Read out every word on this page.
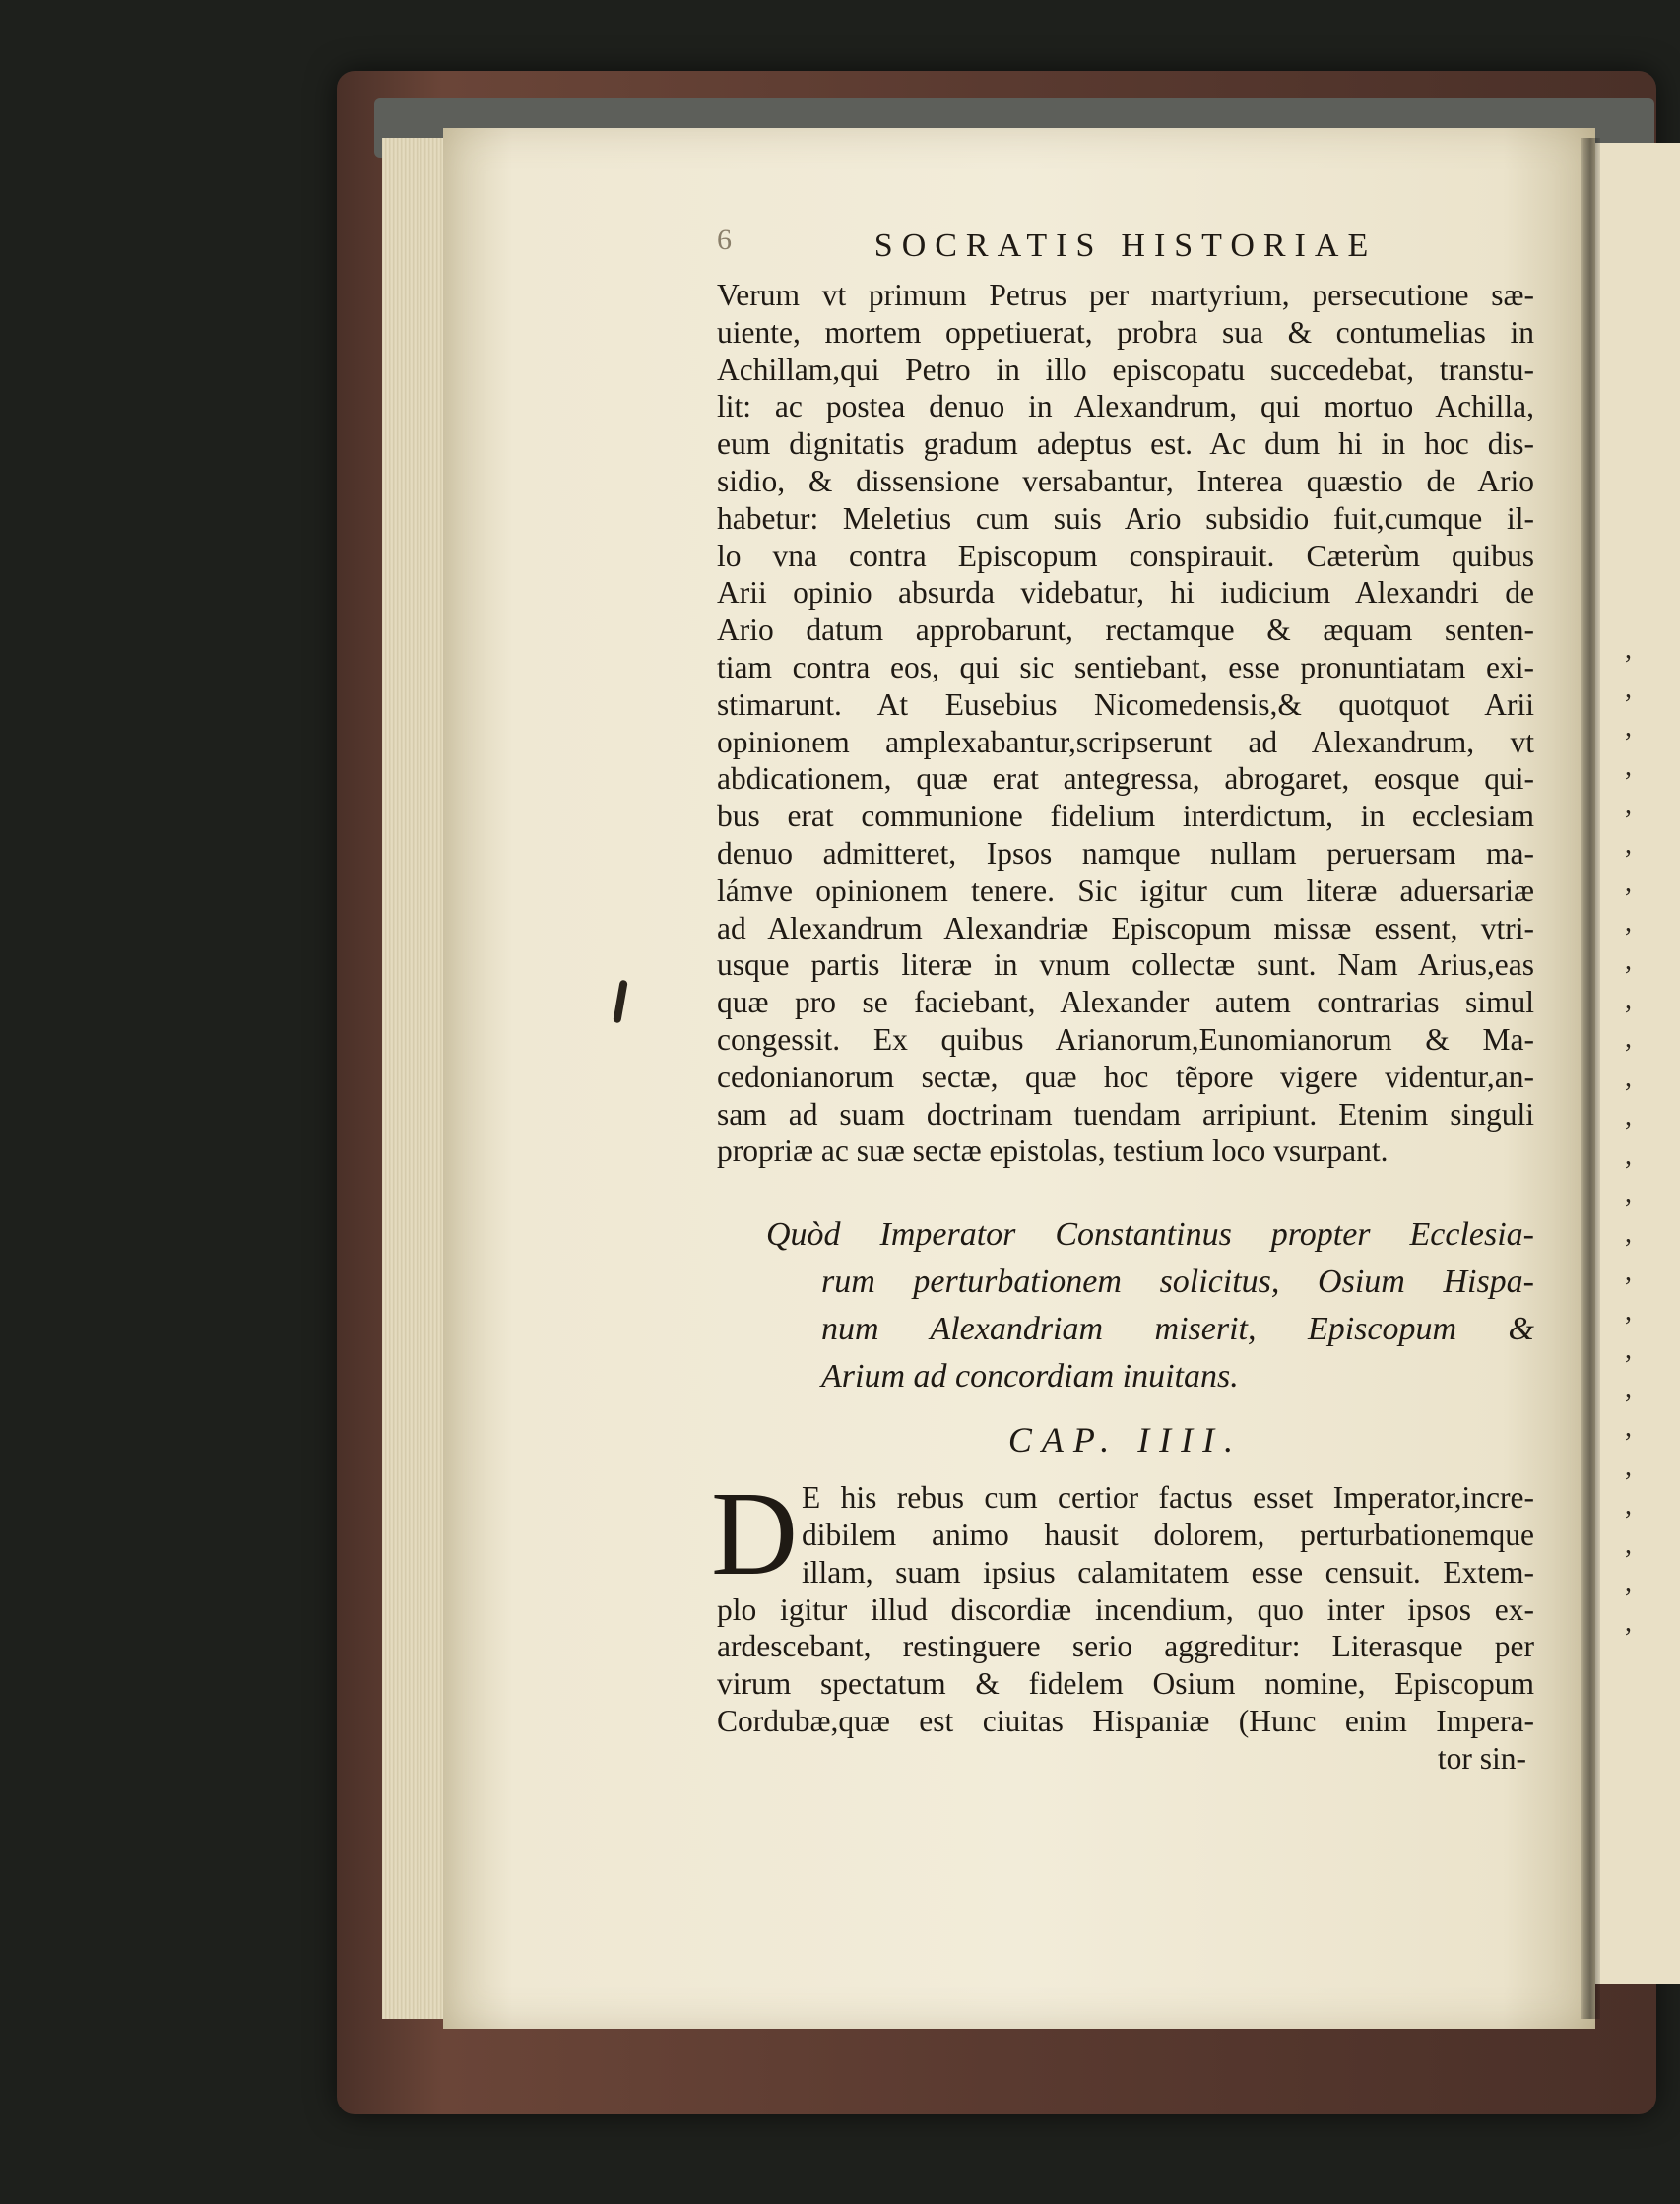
6	SOCRATIS HISTORIAE
Verum vt primum Petrus per martyrium, persecutione sæ-
uiente, mortem oppetiuerat, probra sua & contumelias in
Achillam,qui Petro in illo episcopatu succedebat, transtu-
lit: ac postea denuo in Alexandrum, qui mortuo Achilla,
eum dignitatis gradum adeptus est. Ac dum hi in hoc dis-
sidio, & dissensione versabantur, Interea quæstio de Ario
habetur: Meletius cum suis Ario subsidio fuit,cumque il-
lo vna contra Episcopum conspirauit. Cæterùm quibus
Arii opinio absurda videbatur, hi iudicium Alexandri de
Ario datum approbarunt, rectamque & æquam senten-
tiam contra eos, qui sic sentiebant, esse pronuntiatam exi-
stimarunt. At Eusebius Nicomedensis,& quotquot Arii
opinionem amplexabantur,scripserunt ad Alexandrum, vt
abdicationem, quæ erat antegressa, abrogaret, eosque qui-
bus erat communione fidelium interdictum, in ecclesiam
denuo admitteret, Ipsos namque nullam peruersam ma-
lámve opinionem tenere. Sic igitur cum literæ aduersariæ
ad Alexandrum Alexandriæ Episcopum missæ essent, vtri-
usque partis literæ in vnum collectæ sunt. Nam Arius,eas
quæ pro se faciebant, Alexander autem contrarias simul
congessit. Ex quibus Arianorum,Eunomianorum & Ma-
cedonianorum sectæ, quæ hoc tẽpore vigere videntur,an-
sam ad suam doctrinam tuendam arripiunt. Etenim singuli
propriæ ac suæ sectæ epistolas, testium loco vsurpant.
Quòd Imperator Constantinus propter Ecclesia-
rum perturbationem solicitus, Osium Hispa-
num Alexandriam miserit, Episcopum &
Arium ad concordiam inuitans.
CAP. IIII.
D E his rebus cum certior factus esset Imperator,incre-
dibilem animo hausit dolorem, perturbationemque
illam, suam ipsius calamitatem esse censuit. Extem-
plo igitur illud discordiæ incendium, quo inter ipsos ex-
ardescebant, restinguere serio aggreditur: Literasque per
virum spectatum & fidelem Osium nomine, Episcopum
Cordubæ,quæ est ciuitas Hispaniæ (Hunc enim Impera-
tor sin-
,
,
,
,
,
,
,
,
,
,
,
,
,
,
,
,
,
,
,
,
,
,
,
,
,
,
